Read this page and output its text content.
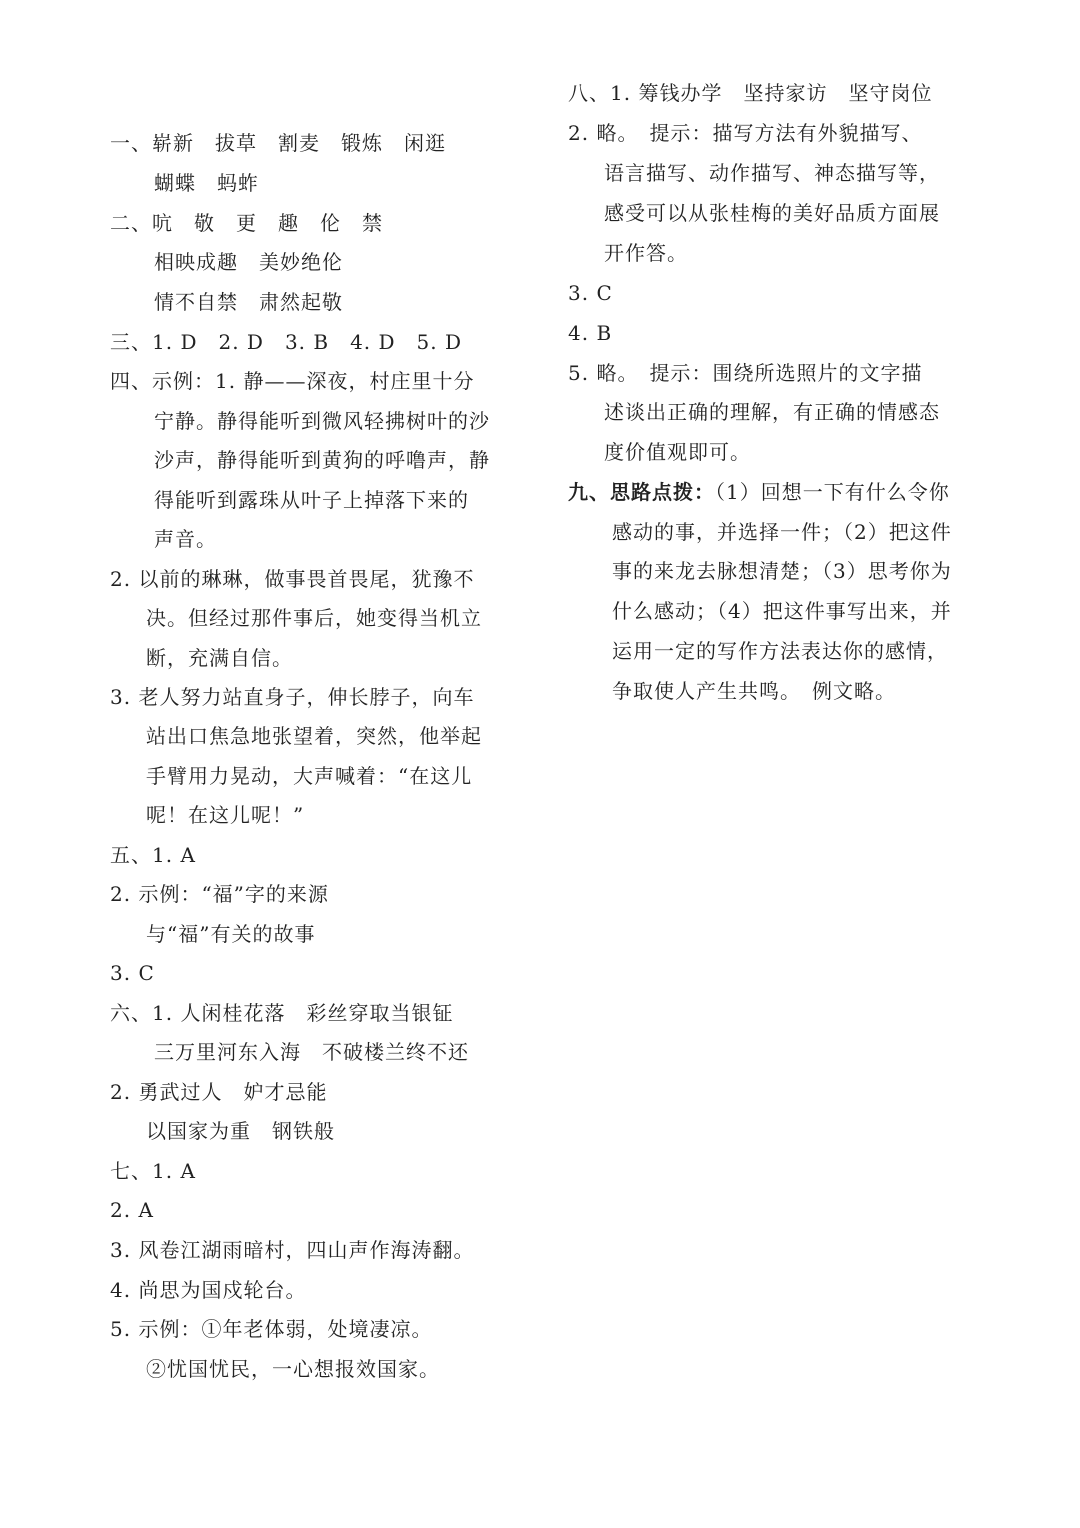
一、崭新　拔草　割麦　锻炼　闲逛
蝴蝶　蚂蚱
二、吭　敬　更　趣　伦　禁
相映成趣　美妙绝伦
情不自禁　肃然起敬
三、1. D　2. D　3. B　4. D　5. D
四、示例：1. 静——深夜，村庄里十分
宁静。静得能听到微风轻拂树叶的沙
沙声，静得能听到黄狗的呼噜声，静
得能听到露珠从叶子上掉落下来的
声音。
2. 以前的琳琳，做事畏首畏尾，犹豫不
决。但经过那件事后，她变得当机立
断，充满自信。
3. 老人努力站直身子，伸长脖子，向车
站出口焦急地张望着，突然，他举起
手臂用力晃动，大声喊着：“在这儿
呢！在这儿呢！”
五、1. A
2. 示例：“福”字的来源
与“福”有关的故事
3. C
六、1. 人闲桂花落　彩丝穿取当银钲
三万里河东入海　不破楼兰终不还
2. 勇武过人　妒才忌能
以国家为重　钢铁般
七、1. A
2. A
3. 风卷江湖雨暗村，四山声作海涛翻。
4. 尚思为国戍轮台。
5. 示例：①年老体弱，处境凄凉。
②忧国忧民，一心想报效国家。
八、1. 筹钱办学　坚持家访　坚守岗位
2. 略。　提示：描写方法有外貌描写、
语言描写、动作描写、神态描写等，
感受可以从张桂梅的美好品质方面展
开作答。
3. C
4. B
5. 略。　提示：围绕所选照片的文字描
述谈出正确的理解，有正确的情感态
度价值观即可。
九、思路点拨：（1）回想一下有什么令你
感动的事，并选择一件；（2）把这件
事的来龙去脉想清楚；（3）思考你为
什么感动；（4）把这件事写出来，并
运用一定的写作方法表达你的感情，
争取使人产生共鸣。　例文略。
